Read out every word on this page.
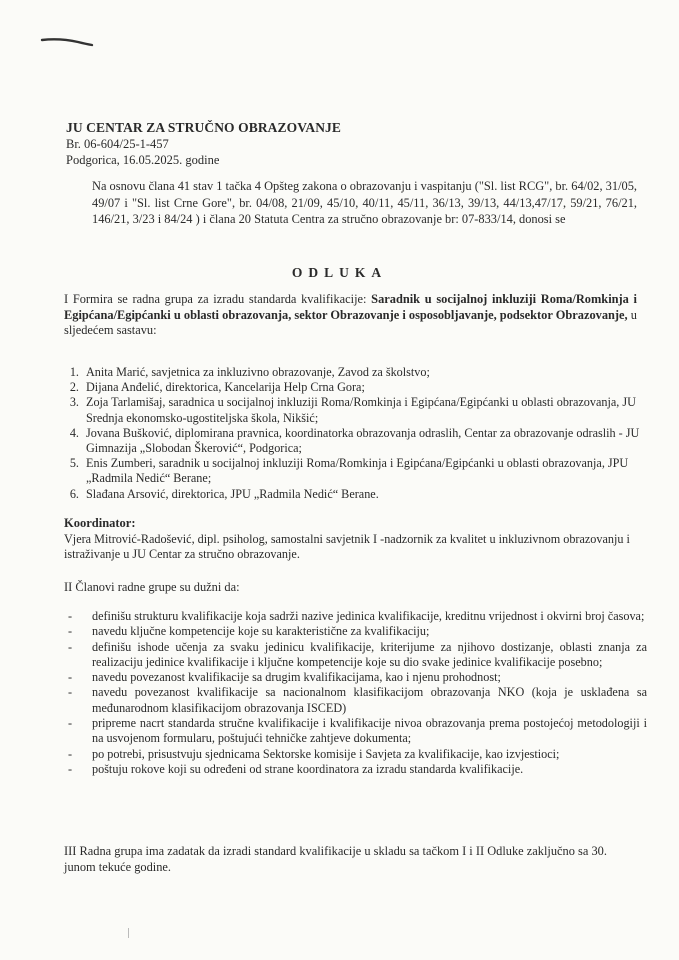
JU CENTAR ZA STRUČNO OBRAZOVANJE
Br. 06-604/25-1-457
Podgorica, 16.05.2025. godine
Na osnovu člana 41 stav 1 tačka 4 Opšteg zakona o obrazovanju i vaspitanju ("Sl. list RCG", br. 64/02, 31/05, 49/07 i "Sl. list Crne Gore", br. 04/08, 21/09, 45/10, 40/11, 45/11, 36/13, 39/13, 44/13,47/17, 59/21, 76/21, 146/21, 3/23 i 84/24 ) i člana 20 Statuta Centra za stručno obrazovanje br: 07-833/14, donosi se
ODLUKA
I Formira se radna grupa za izradu standarda kvalifikacije: Saradnik u socijalnoj inkluziji Roma/Romkinja i Egipćana/Egipćanki u oblasti obrazovanja, sektor Obrazovanje i osposobljavanje, podsektor Obrazovanje, u sljedećem sastavu:
1. Anita Marić, savjetnica za inkluzivno obrazovanje, Zavod za školstvo;
2. Dijana Anđelić, direktorica, Kancelarija Help Crna Gora;
3. Zoja Tarlamišaj, saradnica u socijalnoj inkluziji Roma/Romkinja i Egipćana/Egipćanki u oblasti obrazovanja, JU Srednja ekonomsko-ugostiteljska škola, Nikšić;
4. Jovana Bušković, diplomirana pravnica, koordinatorka obrazovanja odraslih, Centar za obrazovanje odraslih - JU Gimnazija „Slobodan Škerović“, Podgorica;
5. Enis Zumberi, saradnik u socijalnoj inkluziji Roma/Romkinja i Egipćana/Egipćanki u oblasti obrazovanja, JPU „Radmila Nedić“ Berane;
6. Slađana Arsović, direktorica, JPU „Radmila Nedić“ Berane.
Koordinator:
Vjera Mitrović-Radošević, dipl. psiholog, samostalni savjetnik I -nadzornik za kvalitet u inkluzivnom obrazovanju i istraživanje u JU Centar za stručno obrazovanje.
II Članovi radne grupe su dužni da:
- definišu strukturu kvalifikacije koja sadrži nazive jedinica kvalifikacije, kreditnu vrijednost i okvirni broj časova;
- navedu ključne kompetencije koje su karakteristične za kvalifikaciju;
- definišu ishode učenja za svaku jedinicu kvalifikacije, kriterijume za njihovo dostizanje, oblasti znanja za realizaciju jedinice kvalifikacije i ključne kompetencije koje su dio svake jedinice kvalifikacije posebno;
- navedu povezanost kvalifikacije sa drugim kvalifikacijama, kao i njenu prohodnost;
- navedu povezanost kvalifikacije sa nacionalnom klasifikacijom obrazovanja NKO (koja je usklađena sa međunarodnom klasifikacijom obrazovanja ISCED)
- pripreme nacrt standarda stručne kvalifikacije i kvalifikacije nivoa obrazovanja prema postojećoj metodologiji i na usvojenom formularu, poštujući tehničke zahtjeve dokumenta;
- po potrebi, prisustvuju sjednicama Sektorske komisije i Savjeta za kvalifikacije, kao izvjestioci;
- poštuju rokove koji su određeni od strane koordinatora za izradu standarda kvalifikacije.
III Radna grupa ima zadatak da izradi standard kvalifikacije u skladu sa tačkom I i II Odluke zaključno sa 30. junom tekuće godine.
